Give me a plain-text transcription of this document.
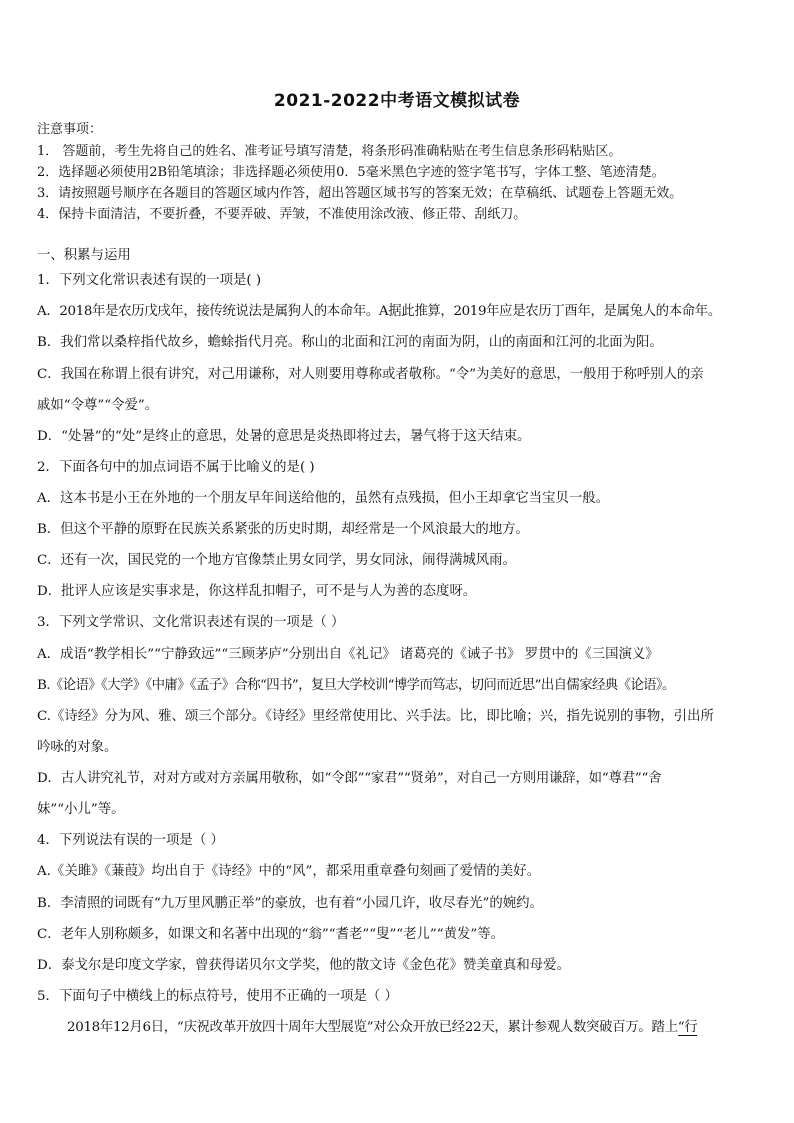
2021-2022中考语文模拟试卷
注意事项：
1． 答题前，考生先将自己的姓名、准考证号填写清楚，将条形码准确粘贴在考生信息条形码粘贴区。
2．选择题必须使用2B铅笔填涂；非选择题必须使用0．5毫米黑色字迹的签字笔书写，字体工整、笔迹清楚。
3．请按照题号顺序在各题目的答题区域内作答，超出答题区域书写的答案无效；在草稿纸、试题卷上答题无效。
4．保持卡面清洁，不要折叠，不要弄破、弄皱，不准使用涂改液、修正带、刮纸刀。
一、积累与运用
1．下列文化常识表述有误的一项是( )
A．2018年是农历戊戌年，接传统说法是属狗人的本命年。A据此推算，2019年应是农历丁酉年，是属兔人的本命年。
B．我们常以桑梓指代故乡，蟾蜍指代月亮。称山的北面和江河的南面为阴，山的南面和江河的北面为阳。
C．我国在称谓上很有讲究，对己用谦称，对人则要用尊称或者敬称。“令”为美好的意思，一般用于称呼别人的亲
戚如“令尊”“令爱”。
D．“处暑”的“处”是终止的意思，处暑的意思是炎热即将过去，暑气将于这天结束。
2．下面各句中的加点词语不属于比喻义的是( )
A．这本书是小王在外地的一个朋友早年间送给他的，虽然有点残损，但小王却拿它当宝贝一般。
B．但这个平静的原野在民族关系紧张的历史时期，却经常是一个风浪最大的地方。
C．还有一次，国民党的一个地方官像禁止男女同学，男女同泳，闹得满城风雨。
D．批评人应该是实事求是，你这样乱扣帽子，可不是与人为善的态度呀。
3．下列文学常识、文化常识表述有误的一项是（ ）
A．成语“教学相长”“宁静致远”“三顾茅庐”分别出自《礼记》 诸葛亮的《诫子书》 罗贯中的《三国演义》
B.《论语》《大学》《中庸》《孟子》合称“四书”，复旦大学校训“博学而笃志，切问而近思”出自儒家经典《论语》。
C.《诗经》分为风、雅、颂三个部分。《诗经》里经常使用比、兴手法。比，即比喻；兴，指先说别的事物，引出所
吟咏的对象。
D．古人讲究礼节，对对方或对方亲属用敬称，如“令郎”“家君”“贤弟”，对自己一方则用谦辞，如“尊君”“舍
妹”“小儿”等。
4．下列说法有误的一项是（ ）
A.《关雎》《蒹葭》均出自于《诗经》中的“风”，都采用重章叠句刻画了爱情的美好。
B．李清照的词既有“九万里风鹏正举”的豪放，也有着“小园几许，收尽春光”的婉约。
C．老年人别称颇多，如课文和名著中出现的“翁”“耆老”“叟”“老儿”“黄发”等。
D．泰戈尔是印度文学家，曾获得诺贝尔文学奖，他的散文诗《金色花》赞美童真和母爱。
5．下面句子中横线上的标点符号，使用不正确的一项是（ ）
2018年12月6日，“庆祝改革开放四十周年大型展览”对公众开放已经22天，累计参观人数突破百万。踏上“行
